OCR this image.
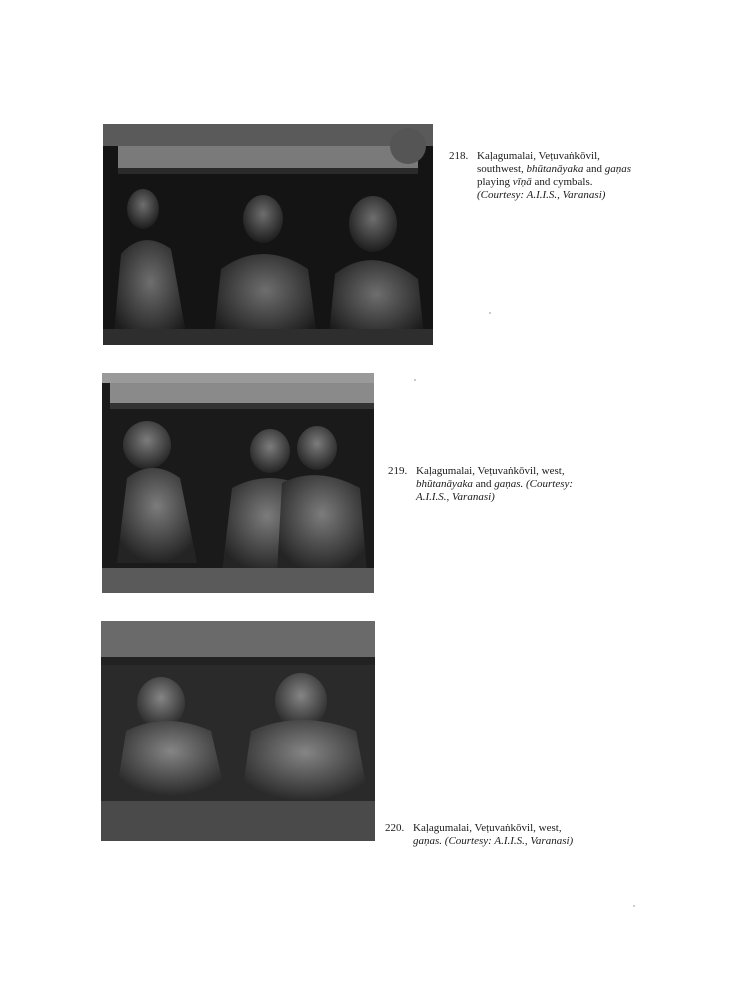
218. Kaḷagumalai, Veṭuvaṅkōvil,
southwest, bhūtanāyaka and gaṇas
playing vīṇā and cymbals.
(Courtesy: A.I.I.S., Varanasi)
219. Kaḷagumalai, Veṭuvaṅkōvil, west,
bhūtanāyaka and gaṇas. (Courtesy:
A.I.I.S., Varanasi)
220. Kaḷagumalai, Veṭuvaṅkōvil, west,
gaṇas. (Courtesy: A.I.I.S., Varanasi)
